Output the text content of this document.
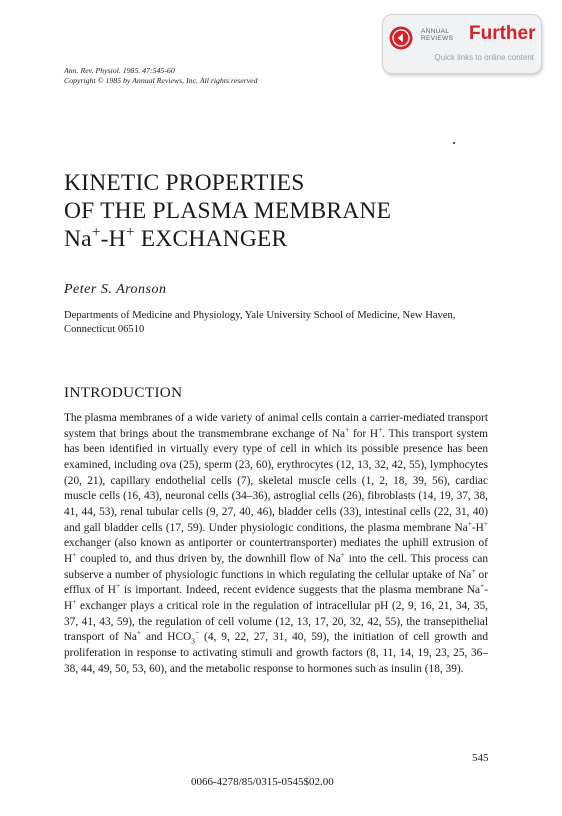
ANNUAL
REVIEWS Further
Quick links to online content
Ann. Rev. Physiol. 1985. 47:545-60
Copyright © 1985 by Annual Reviews, Inc. All rights reserved
KINETIC PROPERTIES
OF THE PLASMA MEMBRANE
Na+-H+ EXCHANGER
Peter S. Aronson
Departments of Medicine and Physiology, Yale University School of Medicine, New Haven, Connecticut 06510
INTRODUCTION

The plasma membranes of a wide variety of animal cells contain a carrier-mediated transport system that brings about the transmembrane exchange of Na+ for H+. This transport system has been identified in virtually every type of cell in which its possible presence has been examined, including ova (25), sperm (23, 60), erythrocytes (12, 13, 32, 42, 55), lymphocytes (20, 21), capillary endothelial cells (7), skeletal muscle cells (1, 2, 18, 39, 56), cardiac muscle cells (16, 43), neuronal cells (34–36), astroglial cells (26), fibroblasts (14, 19, 37, 38, 41, 44, 53), renal tubular cells (9, 27, 40, 46), bladder cells (33), intestinal cells (22, 31, 40) and gall bladder cells (17, 59). Under physiologic conditions, the plasma membrane Na+-H+ exchanger (also known as antiporter or countertransporter) mediates the uphill extrusion of H+ coupled to, and thus driven by, the downhill flow of Na+ into the cell. This process can subserve a number of physiologic functions in which regulating the cellular uptake of Na+ or efflux of H+ is important. Indeed, recent evidence suggests that the plasma membrane Na+-H+ exchanger plays a critical role in the regulation of intracellular pH (2, 9, 16, 21, 34, 35, 37, 41, 43, 59), the regulation of cell volume (12, 13, 17, 20, 32, 42, 55), the transepithelial transport of Na+ and $HCO_3^-$ (4, 9, 22, 27, 31, 40, 59), the initiation of cell growth and proliferation in response to activating stimuli and growth factors (8, 11, 14, 19, 23, 25, 36–38, 44, 49, 50, 53, 60), and the metabolic response to hormones such as insulin (18, 39).

545
0066-4278/85/0315-0545$02.00
